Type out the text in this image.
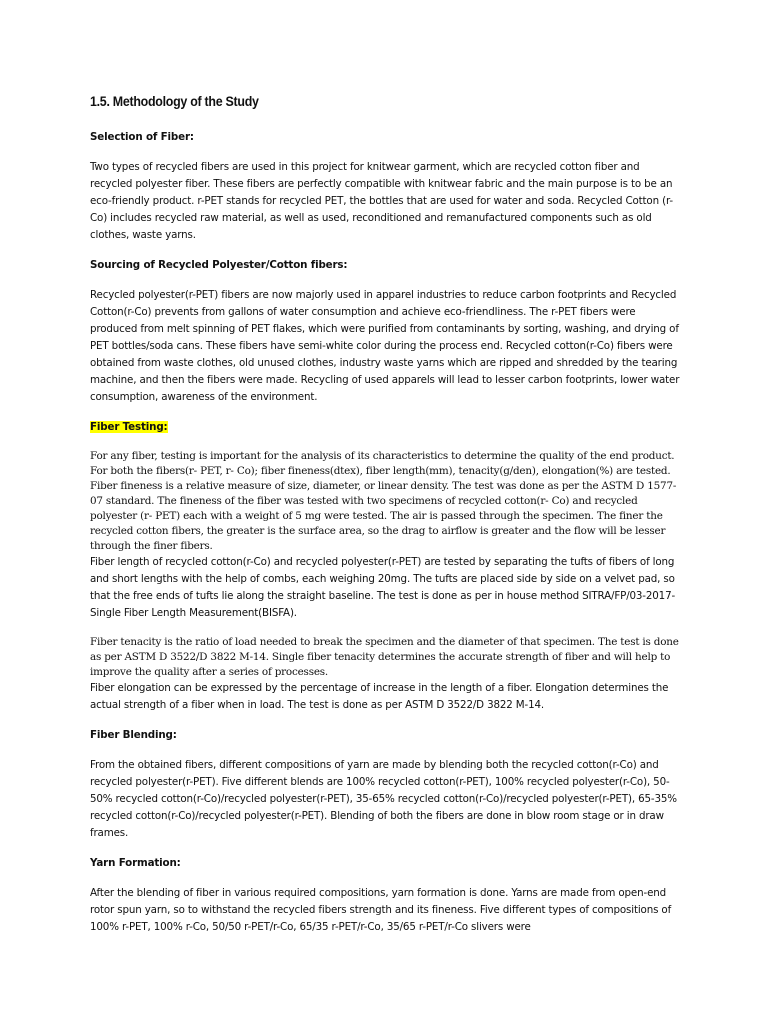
1.5. Methodology of the Study

Selection of Fiber:

Two types of recycled fibers are used in this project for knitwear garment, which are recycled cotton fiber and recycled polyester fiber. These fibers are perfectly compatible with knitwear fabric and the main purpose is to be an eco-friendly product. r-PET stands for recycled PET, the bottles that are used for water and soda. Recycled Cotton (r-Co) includes recycled raw material, as well as used, reconditioned and remanufactured components such as old clothes, waste yarns.

Sourcing of Recycled Polyester/Cotton fibers:

Recycled polyester(r-PET) fibers are now majorly used in apparel industries to reduce carbon footprints and Recycled Cotton(r-Co) prevents from gallons of water consumption and achieve eco-friendliness. The r-PET fibers were produced from melt spinning of PET flakes, which were purified from contaminants by sorting, washing, and drying of PET bottles/soda cans. These fibers have semi-white color during the process end. Recycled cotton(r-Co) fibers were obtained from waste clothes, old unused clothes, industry waste yarns which are ripped and shredded by the tearing machine, and then the fibers were made. Recycling of used apparels will lead to lesser carbon footprints, lower water consumption, awareness of the environment.

Fiber Testing:

For any fiber, testing is important for the analysis of its characteristics to determine the quality of the end product. For both the fibers(r- PET, r- Co); fiber fineness(dtex), fiber length(mm), tenacity(g/den), elongation(%) are tested.

Fiber fineness is a relative measure of size, diameter, or linear density. The test was done as per the ASTM D 1577-07 standard. The fineness of the fiber was tested with two specimens of recycled cotton(r- Co) and recycled polyester (r- PET) each with a weight of 5 mg were tested. The air is passed through the specimen. The finer the recycled cotton fibers, the greater is the surface area, so the drag to airflow is greater and the flow will be lesser through the finer fibers.

Fiber length of recycled cotton(r-Co) and recycled polyester(r-PET) are tested by separating the tufts of fibers of long and short lengths with the help of combs, each weighing 20mg. The tufts are placed side by side on a velvet pad, so that the free ends of tufts lie along the straight baseline. The test is done as per in house method SITRA/FP/03-2017- Single Fiber Length Measurement(BISFA).

Fiber tenacity is the ratio of load needed to break the specimen and the diameter of that specimen. The test is done as per ASTM D 3522/D 3822 M-14. Single fiber tenacity determines the accurate strength of fiber and will help to improve the quality after a series of processes.

Fiber elongation can be expressed by the percentage of increase in the length of a fiber. Elongation determines the actual strength of a fiber when in load. The test is done as per ASTM D 3522/D 3822 M-14.

Fiber Blending:

From the obtained fibers, different compositions of yarn are made by blending both the recycled cotton(r-Co) and recycled polyester(r-PET). Five different blends are 100% recycled cotton(r-PET), 100% recycled polyester(r-Co), 50-50% recycled cotton(r-Co)/recycled polyester(r-PET), 35-65% recycled cotton(r-Co)/recycled polyester(r-PET), 65-35% recycled cotton(r-Co)/recycled polyester(r-PET). Blending of both the fibers are done in blow room stage or in draw frames.

Yarn Formation:

After the blending of fiber in various required compositions, yarn formation is done. Yarns are made from open-end rotor spun yarn, so to withstand the recycled fibers strength and its fineness. Five different types of compositions of 100% r-PET, 100% r-Co, 50/50 r-PET/r-Co, 65/35 r-PET/r-Co, 35/65 r-PET/r-Co slivers were
